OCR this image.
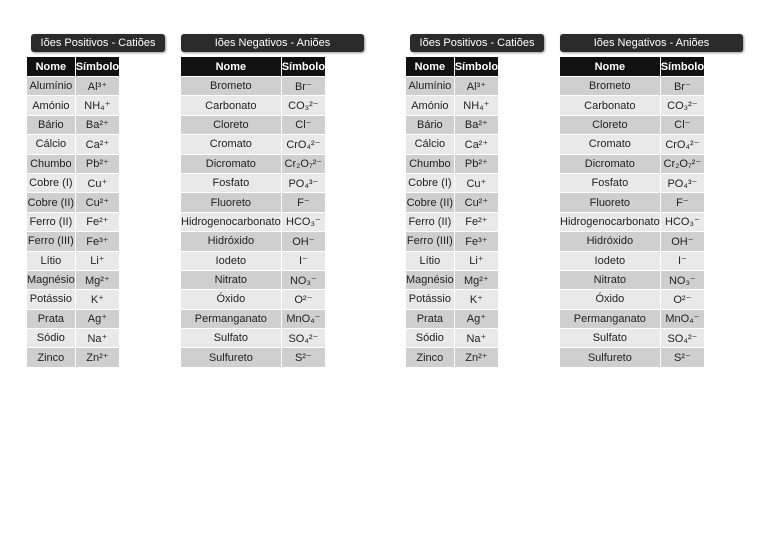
Iões Positivos - Catiões
Nome	Símbolo
Alumínio	Al³⁺
Amónio	NH₄⁺
Bário	Ba²⁺
Cálcio	Ca²⁺
Chumbo	Pb²⁺
Cobre (I)	Cu⁺
Cobre (II)	Cu²⁺
Ferro (II)	Fe²⁺
Ferro (III)	Fe³⁺
Lítio	Li⁺
Magnésio	Mg²⁺
Potássio	K⁺
Prata	Ag⁺
Sódio	Na⁺
Zinco	Zn²⁺
Iões Negativos - Aniões
Nome	Símbolo
Brometo	Br⁻
Carbonato	CO₃²⁻
Cloreto	Cl⁻
Cromato	CrO₄²⁻
Dicromato	Cr₂O₇²⁻
Fosfato	PO₄³⁻
Fluoreto	F⁻
Hidrogenocarbonato	HCO₃⁻
Hidróxido	OH⁻
Iodeto	I⁻
Nitrato	NO₃⁻
Óxido	O²⁻
Permanganato	MnO₄⁻
Sulfato	SO₄²⁻
Sulfureto	S²⁻
Iões Positivos - Catiões
Nome	Símbolo
Alumínio	Al³⁺
Amónio	NH₄⁺
Bário	Ba²⁺
Cálcio	Ca²⁺
Chumbo	Pb²⁺
Cobre (I)	Cu⁺
Cobre (II)	Cu²⁺
Ferro (II)	Fe²⁺
Ferro (III)	Fe³⁺
Lítio	Li⁺
Magnésio	Mg²⁺
Potássio	K⁺
Prata	Ag⁺
Sódio	Na⁺
Zinco	Zn²⁺
Iões Negativos - Aniões
Nome	Símbolo
Brometo	Br⁻
Carbonato	CO₃²⁻
Cloreto	Cl⁻
Cromato	CrO₄²⁻
Dicromato	Cr₂O₇²⁻
Fosfato	PO₄³⁻
Fluoreto	F⁻
Hidrogenocarbonato	HCO₃⁻
Hidróxido	OH⁻
Iodeto	I⁻
Nitrato	NO₃⁻
Óxido	O²⁻
Permanganato	MnO₄⁻
Sulfato	SO₄²⁻
Sulfureto	S²⁻
